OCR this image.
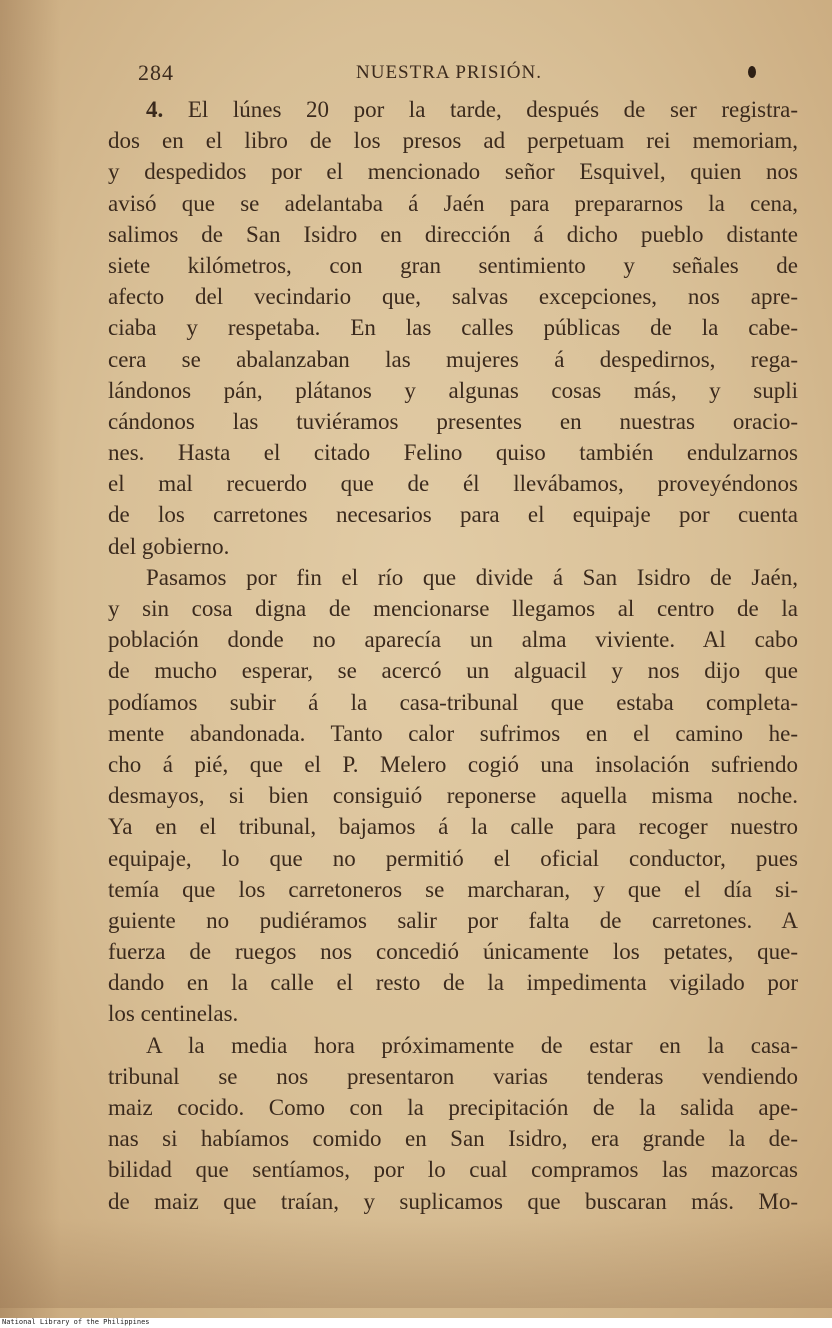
284	NUESTRA PRISIÓN.
4. El lúnes 20 por la tarde, después de ser registra-
dos en el libro de los presos ad perpetuam rei memoriam,
y despedidos por el mencionado señor Esquivel, quien nos
avisó que se adelantaba á Jaén para prepararnos la cena,
salimos de San Isidro en dirección á dicho pueblo distante
siete kilómetros, con gran sentimiento y señales de
afecto del vecindario que, salvas excepciones, nos apre-
ciaba y respetaba. En las calles públicas de la cabe-
cera se abalanzaban las mujeres á despedirnos, rega-
lándonos pán, plátanos y algunas cosas más, y supli
cándonos las tuviéramos presentes en nuestras oracio-
nes. Hasta el citado Felino quiso también endulzarnos
el mal recuerdo que de él llevábamos, proveyéndonos
de los carretones necesarios para el equipaje por cuenta
del gobierno.
Pasamos por fin el río que divide á San Isidro de Jaén,
y sin cosa digna de mencionarse llegamos al centro de la
población donde no aparecía un alma viviente. Al cabo
de mucho esperar, se acercó un alguacil y nos dijo que
podíamos subir á la casa-tribunal que estaba completa-
mente abandonada. Tanto calor sufrimos en el camino he-
cho á pié, que el P. Melero cogió una insolación sufriendo
desmayos, si bien consiguió reponerse aquella misma noche.
Ya en el tribunal, bajamos á la calle para recoger nuestro
equipaje, lo que no permitió el oficial conductor, pues
temía que los carretoneros se marcharan, y que el día si-
guiente no pudiéramos salir por falta de carretones. A
fuerza de ruegos nos concedió únicamente los petates, que-
dando en la calle el resto de la impedimenta vigilado por
los centinelas.
A la media hora próximamente de estar en la casa-
tribunal se nos presentaron varias tenderas vendiendo
maiz cocido. Como con la precipitación de la salida ape-
nas si habíamos comido en San Isidro, era grande la de-
bilidad que sentíamos, por lo cual compramos las mazorcas
de maiz que traían, y suplicamos que buscaran más. Mo-
National Library of the Philippines
